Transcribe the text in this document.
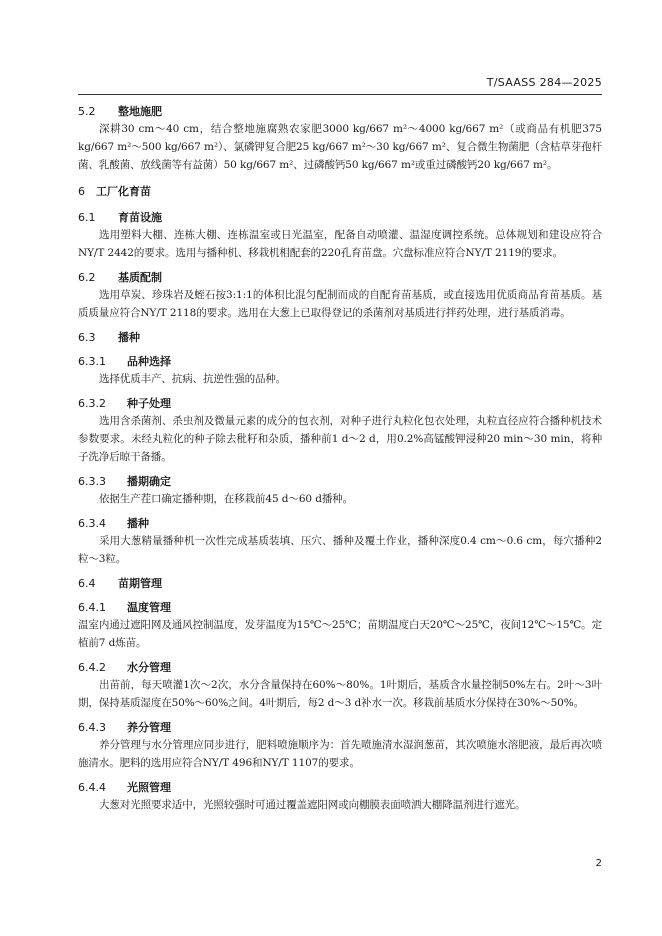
T/SAASS 284—2025
5.2	整地施肥

深耕30 cm～40 cm，结合整地施腐熟农家肥3000 kg/667 m²～4000 kg/667 m²（或商品有机肥375 kg/667 m²～500 kg/667 m²）、氯磷钾复合肥25 kg/667 m²～30 kg/667 m²、复合微生物菌肥（含枯草芽孢杆菌、乳酸菌、放线菌等有益菌）50 kg/667 m²、过磷酸钙50 kg/667 m²或重过磷酸钙20 kg/667 m²。

6	工厂化育苗
6.1	育苗设施

选用塑料大棚、连栋大棚、连栋温室或日光温室，配备自动喷灌、温湿度调控系统。总体规划和建设应符合NY/T 2442的要求。选用与播种机、移栽机相配套的220孔育苗盘。穴盘标准应符合NY/T 2119的要求。

6.2	基质配制

选用草炭、珍珠岩及蛭石按3:1:1的体积比混匀配制而成的自配育苗基质，或直接选用优质商品育苗基质。基质质量应符合NY/T 2118的要求。选用在大葱上已取得登记的杀菌剂对基质进行拌药处理，进行基质消毒。

6.3	播种
6.3.1	品种选择

选择优质丰产、抗病、抗逆性强的品种。

6.3.2	种子处理

选用含杀菌剂、杀虫剂及微量元素的成分的包衣剂，对种子进行丸粒化包衣处理，丸粒直径应符合播种机技术参数要求。未经丸粒化的种子除去秕籽和杂质，播种前1 d～2 d，用0.2%高锰酸钾浸种20 min～30 min，将种子洗净后晾干备播。

6.3.3	播期确定

依据生产茬口确定播种期，在移栽前45 d～60 d播种。

6.3.4	播种

采用大葱精量播种机一次性完成基质装填、压穴、播种及覆土作业，播种深度0.4 cm～0.6 cm，每穴播种2粒～3粒。

6.4	苗期管理
6.4.1	温度管理

温室内通过遮阳网及通风控制温度，发芽温度为15℃～25℃；苗期温度白天20℃～25℃，夜间12℃～15℃。定植前7 d炼苗。

6.4.2	水分管理

出苗前，每天喷灌1次～2次，水分含量保持在60%～80%。1叶期后，基质含水量控制50%左右。2叶～3叶期，保持基质湿度在50%～60%之间。4叶期后，每2 d～3 d补水一次。移栽前基质水分保持在30%～50%。

6.4.3	养分管理

养分管理与水分管理应同步进行，肥料喷施顺序为：首先喷施清水湿润葱苗，其次喷施水溶肥液，最后再次喷施清水。肥料的选用应符合NY/T 496和NY/T 1107的要求。

6.4.4	光照管理

大葱对光照要求适中，光照较强时可通过覆盖遮阳网或向棚膜表面喷洒大棚降温剂进行遮光。

2
